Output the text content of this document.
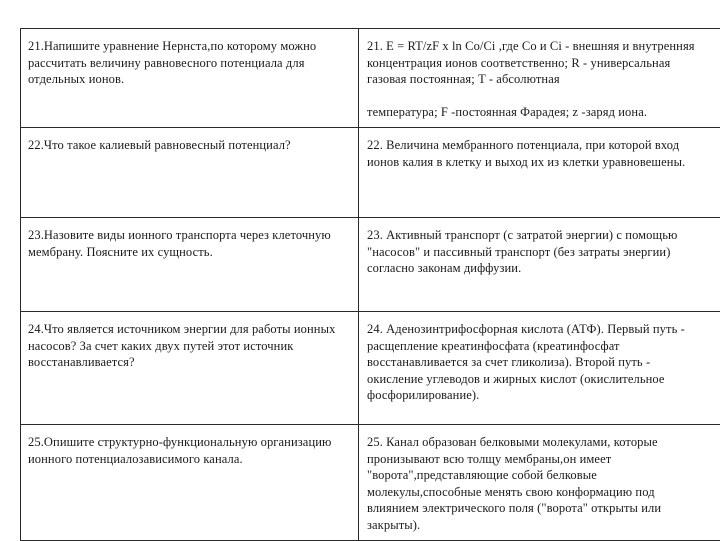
21.Напишите уравнение Нернста,по которому можно рассчитать величину равновесного потенциала для отдельных ионов.	21. E = RT/zF x ln Co/Ci ,где Co и Ci - внешняя и внутренняя концентрация ионов соответственно; R - универсальная газовая постоянная; T - абсолютная
температура; F -постоянная Фарадея; z -заряд иона.

22.Что такое калиевый равновесный потенциал?	22. Величина мембранного потенциала, при которой вход ионов калия в клетку и выход их из клетки уравновешены.
23.Назовите виды ионного транспорта через клеточную мембрану. Поясните их сущность.	23. Активный транспорт (с затратой энергии) с помощью "насосов" и пассивный транспорт (без затраты энергии) согласно законам диффузии.
24.Что является источником энергии для работы ионных насосов? За счет каких двух путей этот источник восстанавливается?	24. Аденозинтрифосфорная кислота (АТФ). Первый путь - расщепление креатинфосфата (креатинфосфат восстанавливается за счет гликолиза). Второй путь - окисление углеводов и жирных кислот (окислительное фосфорилирование).
25.Опишите структурно-функциональную организацию ионного потенциалозависимого канала.	25. Канал образован белковыми молекулами, которые пронизывают всю толщу мембраны,он имеет "ворота",представляющие собой белковые молекулы,способные менять свою конформацию под влиянием электрического поля ("ворота" открыты или закрыты).
